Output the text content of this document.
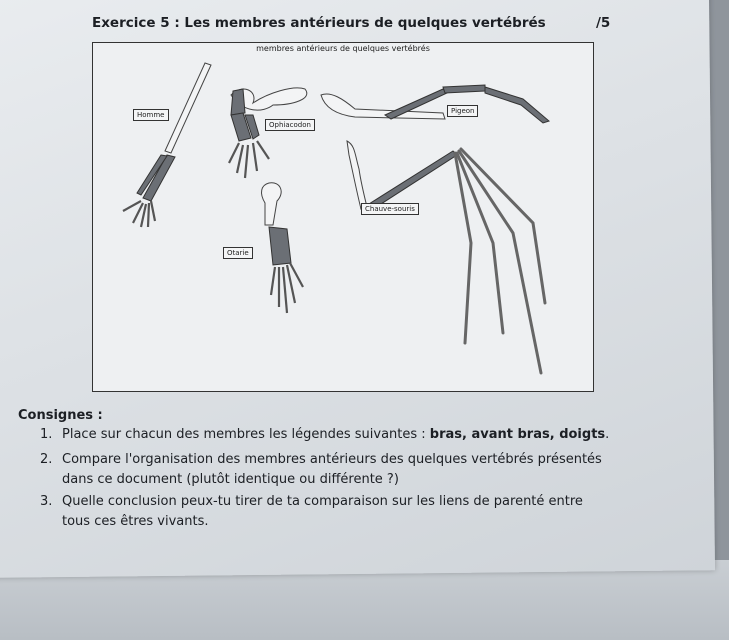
Exercice 5 : Les membres antérieurs de quelques vertébrés	/5
membres antérieurs de quelques vertébrés
Homme
Ophiacodon
Pigeon
Chauve-souris
Otarie
Consignes :
1. Place sur chacun des membres les légendes suivantes : bras, avant bras, doigts.
2. Compare l'organisation des membres antérieurs des quelques vertébrés présentés
dans ce document (plutôt identique ou différente ?)
3. Quelle conclusion peux-tu tirer de ta comparaison sur les liens de parenté entre
tous ces êtres vivants.
